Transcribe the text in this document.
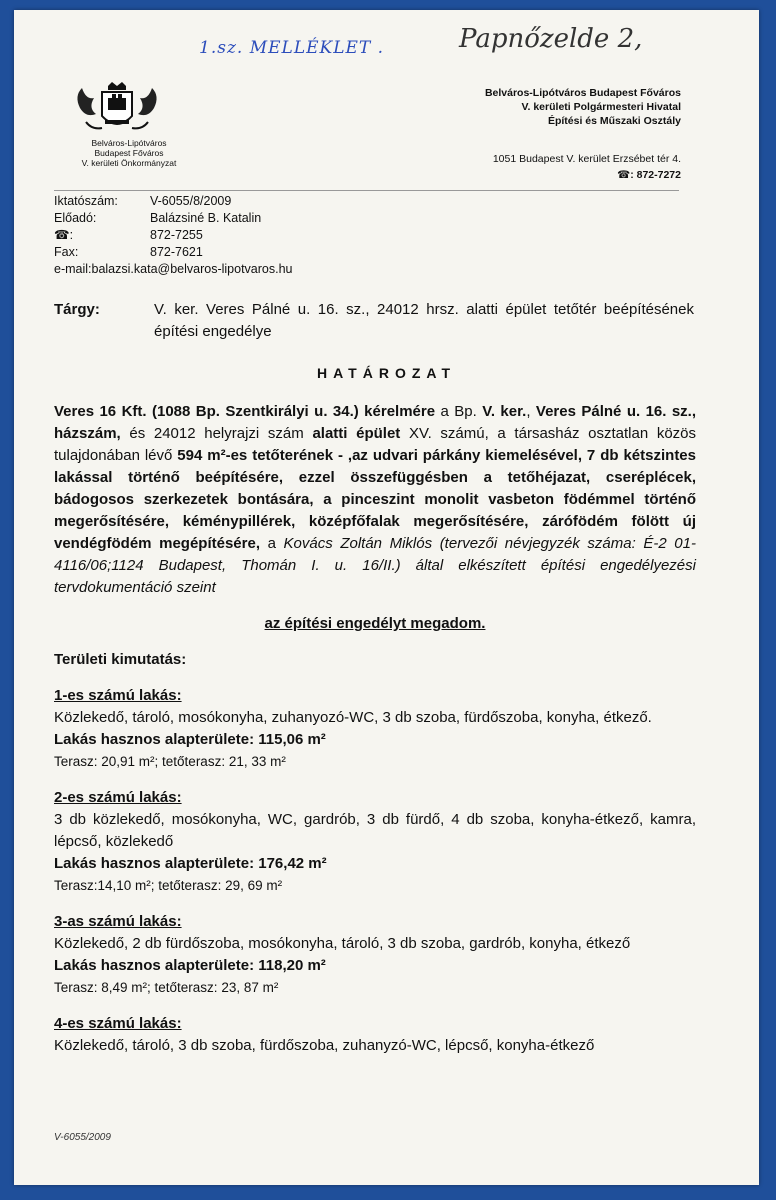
1.sz. MELLÉKLET .	Papnőzelde 2,
Belváros-Lipótváros
Budapest Főváros
V. kerületi Önkormányzat
Belváros-Lipótváros Budapest Főváros
V. kerületi Polgármesteri Hivatal
Építési és Műszaki Osztály
1051 Budapest V. kerület Erzsébet tér 4.
☎: 872-7272
Iktatószám:	V-6055/8/2009
Előadó:	Balázsiné B. Katalin
☎:	872-7255
Fax:	872-7621
e-mail:balazsi.kata@belvaros-lipotvaros.hu
Tárgy:	V. ker. Veres Pálné u. 16. sz., 24012 hrsz. alatti épület tetőtér beépítésének építési engedélye
HATÁROZAT

Veres 16 Kft. (1088 Bp. Szentkirályi u. 34.) kérelmére a Bp. V. ker., Veres Pálné u. 16. sz., házszám, és 24012 helyrajzi szám alatti épület XV. számú, a társasház osztatlan közös tulajdonában lévő 594 m²-es tetőterének - ,az udvari párkány kiemelésével, 7 db kétszintes lakással történő beépítésére, ezzel összefüggésben a tetőhéjazat, cseréplécek, bádogosos szerkezetek bontására, a pinceszint monolit vasbeton födémmel történő megerősítésére, kéménypillérek, középfőfalak megerősítésére, zárófödém fölött új vendégfödém megépítésére, a Kovács Zoltán Miklós (tervezői névjegyzék száma: É-2 01-4116/06;1124 Budapest, Thomán I. u. 16/II.) által elkészített építési engedélyezési tervdokumentáció szeint

az építési engedélyt megadom.

Területi kimutatás:

1-es számú lakás:

Közlekedő, tároló, mosókonyha, zuhanyozó-WC, 3 db szoba, fürdőszoba, konyha, étkező.

Lakás hasznos alapterülete: 115,06 m²

Terasz: 20,91 m²; tetőterasz: 21, 33 m²

2-es számú lakás:

3 db közlekedő, mosókonyha, WC, gardrób, 3 db fürdő, 4 db szoba, konyha-étkező, kamra, lépcső, közlekedő

Lakás hasznos alapterülete: 176,42 m²

Terasz:14,10 m²; tetőterasz: 29, 69 m²

3-as számú lakás:

Közlekedő, 2 db fürdőszoba, mosókonyha, tároló, 3 db szoba, gardrób, konyha, étkező

Lakás hasznos alapterülete: 118,20 m²

Terasz: 8,49 m²; tetőterasz: 23, 87 m²

4-es számú lakás:

Közlekedő, tároló, 3 db szoba, fürdőszoba, zuhanyzó-WC, lépcső, konyha-étkező

V-6055/2009
